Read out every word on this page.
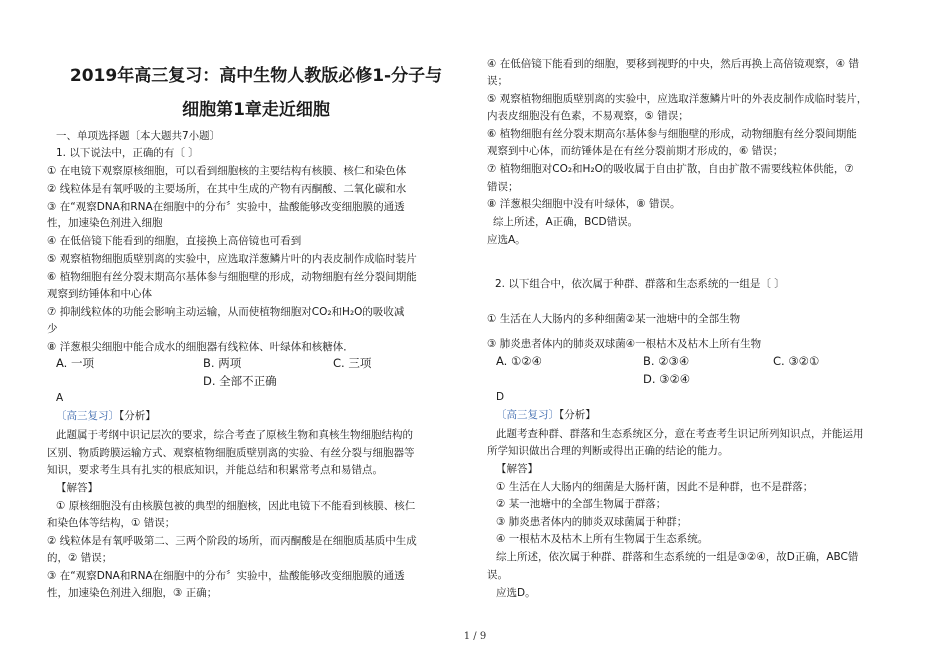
2019年高三复习：高中生物人教版必修1-分子与
细胞第1章走近细胞
一、单项选择题〔本大题共7小题〕
1. 以下说法中，正确的有〔 〕
① 在电镜下观察原核细胞，可以看到细胞核的主要结构有核膜、核仁和染色体
② 线粒体是有氧呼吸的主要场所，在其中生成的产物有丙酮酸、二氧化碳和水
③ 在“观察DNA和RNA在细胞中的分布〞实验中，盐酸能够改变细胞膜的通透
性，加速染色剂进入细胞
④ 在低倍镜下能看到的细胞，直接换上高倍镜也可看到
⑤ 观察植物细胞质壁别离的实验中，应选取洋葱鳞片叶的内表皮制作成临时装片
⑥ 植物细胞有丝分裂末期高尔基体参与细胞壁的形成，动物细胞有丝分裂间期能
观察到纺锤体和中心体
⑦ 抑制线粒体的功能会影响主动运输，从而使植物细胞对CO₂和H₂O的吸收减
少
⑧ 洋葱根尖细胞中能合成水的细胞器有线粒体、叶绿体和核糖体．
A. 一项	B. 两项	C. 三项
D. 全部不正确
A
〔高三复习〕【分析】
此题属于考纲中识记层次的要求，综合考查了原核生物和真核生物细胞结构的
区别、物质跨膜运输方式、观察植物细胞质壁别离的实验、有丝分裂与细胞器等
知识，要求考生具有扎实的根底知识，并能总结和积累常考点和易错点。
【解答】
① 原核细胞没有由核膜包被的典型的细胞核，因此电镜下不能看到核膜、核仁
和染色体等结构，① 错误；
② 线粒体是有氧呼吸第二、三两个阶段的场所，而丙酮酸是在细胞质基质中生成
的，② 错误；
③ 在“观察DNA和RNA在细胞中的分布〞实验中，盐酸能够改变细胞膜的通透
性，加速染色剂进入细胞，③ 正确；
④ 在低倍镜下能看到的细胞，要移到视野的中央，然后再换上高倍镜观察，④ 错
误；
⑤ 观察植物细胞质壁别离的实验中，应选取洋葱鳞片叶的外表皮制作成临时装片，
内表皮细胞没有色素，不易观察，⑤ 错误；
⑥ 植物细胞有丝分裂末期高尔基体参与细胞壁的形成，动物细胞有丝分裂间期能
观察到中心体，而纺锤体是在有丝分裂前期才形成的，⑥ 错误；
⑦ 植物细胞对CO₂和H₂O的吸收属于自由扩散，自由扩散不需要线粒体供能，⑦
错误；
⑧ 洋葱根尖细胞中没有叶绿体，⑧ 错误。
综上所述，A正确，BCD错误。
应选A。
2. 以下组合中，依次属于种群、群落和生态系统的一组是〔 〕
① 生活在人大肠内的多种细菌②某一池塘中的全部生物
③ 肺炎患者体内的肺炎双球菌④一根枯木及枯木上所有生物
A. ①②④	B. ②③④	C. ③②①
D. ③②④
D
〔高三复习〕【分析】
此题考查种群、群落和生态系统区分，意在考查考生识记所列知识点，并能运用
所学知识做出合理的判断或得出正确的结论的能力。
【解答】
① 生活在人大肠内的细菌是大肠杆菌，因此不是种群，也不是群落；
② 某一池塘中的全部生物属于群落；
③ 肺炎患者体内的肺炎双球菌属于种群；
④ 一根枯木及枯木上所有生物属于生态系统。
综上所述，依次属于种群、群落和生态系统的一组是③②④，故D正确，ABC错
误。
应选D。
1 / 9
